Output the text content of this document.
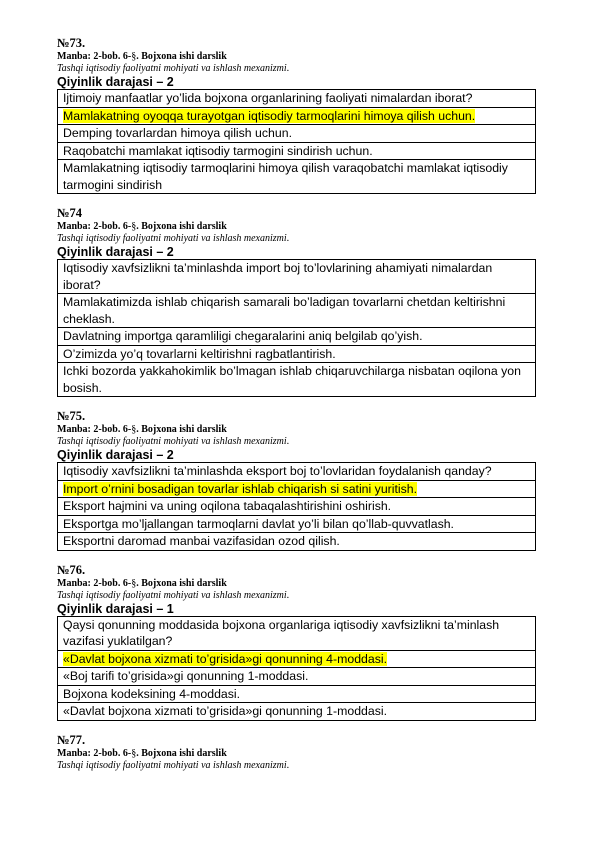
№73.
Manba: 2-bob. 6-§. Bojxona ishi darslik
Tashqi iqtisodiy faoliyatni mohiyati va ishlash mexanizmi.
Qiyinlik darajasi – 2
Ijtimoiy manfaatlar yo’lida bojxona organlarining faoliyati nimalardan iborat?
Mamlakatning oyoqqa turayotgan iqtisodiy tarmoqlarini himoya qilish uchun.
Demping tovarlardan himoya qilish uchun.
Raqobatchi mamlakat iqtisodiy tarmogini sindirish uchun.
Mamlakatning iqtisodiy tarmoqlarini himoya qilish varaqobatchi mamlakat iqtisodiy tarmogini sindirish
№74
Manba: 2-bob. 6-§. Bojxona ishi darslik
Tashqi iqtisodiy faoliyatni mohiyati va ishlash mexanizmi.
Qiyinlik darajasi – 2
Iqtisodiy xavfsizlikni ta’minlashda import boj to’lovlarining ahamiyati nimalardan iborat?
Mamlakatimizda ishlab chiqarish samarali bo’ladigan tovarlarni chetdan keltirishni cheklash.
Davlatning importga qaramliligi chegaralarini aniq belgilab qo’yish.
O’zimizda yo’q tovarlarni keltirishni ragbatlantirish.
Ichki bozorda yakkahokimlik bo’lmagan ishlab chiqaruvchilarga nisbatan oqilona yon bosish.
№75.
Manba: 2-bob. 6-§. Bojxona ishi darslik
Tashqi iqtisodiy faoliyatni mohiyati va ishlash mexanizmi.
Qiyinlik darajasi – 2
Iqtisodiy xavfsizlikni ta’minlashda eksport boj to’lovlaridan foydalanish qanday?
Import o’rnini bosadigan tovarlar ishlab chiqarish si satini yuritish.
Eksport hajmini va uning oqilona tabaqalashtirishini oshirish.
Eksportga mo’ljallangan tarmoqlarni davlat yo’li bilan qo’llab-quvvatlash.
Eksportni daromad manbai vazifasidan ozod qilish.
№76.
Manba: 2-bob. 6-§. Bojxona ishi darslik
Tashqi iqtisodiy faoliyatni mohiyati va ishlash mexanizmi.
Qiyinlik darajasi – 1
Qaysi qonunning moddasida bojxona organlariga iqtisodiy xavfsizlikni ta’minlash vazifasi yuklatilgan?
«Davlat bojxona xizmati to’grisida»gi qonunning 4-moddasi.
«Boj tarifi to’grisida»gi qonunning 1-moddasi.
Bojxona kodeksining 4-moddasi.
«Davlat bojxona xizmati to’grisida»gi qonunning 1-moddasi.
№77.
Manba: 2-bob. 6-§. Bojxona ishi darslik
Tashqi iqtisodiy faoliyatni mohiyati va ishlash mexanizmi.
